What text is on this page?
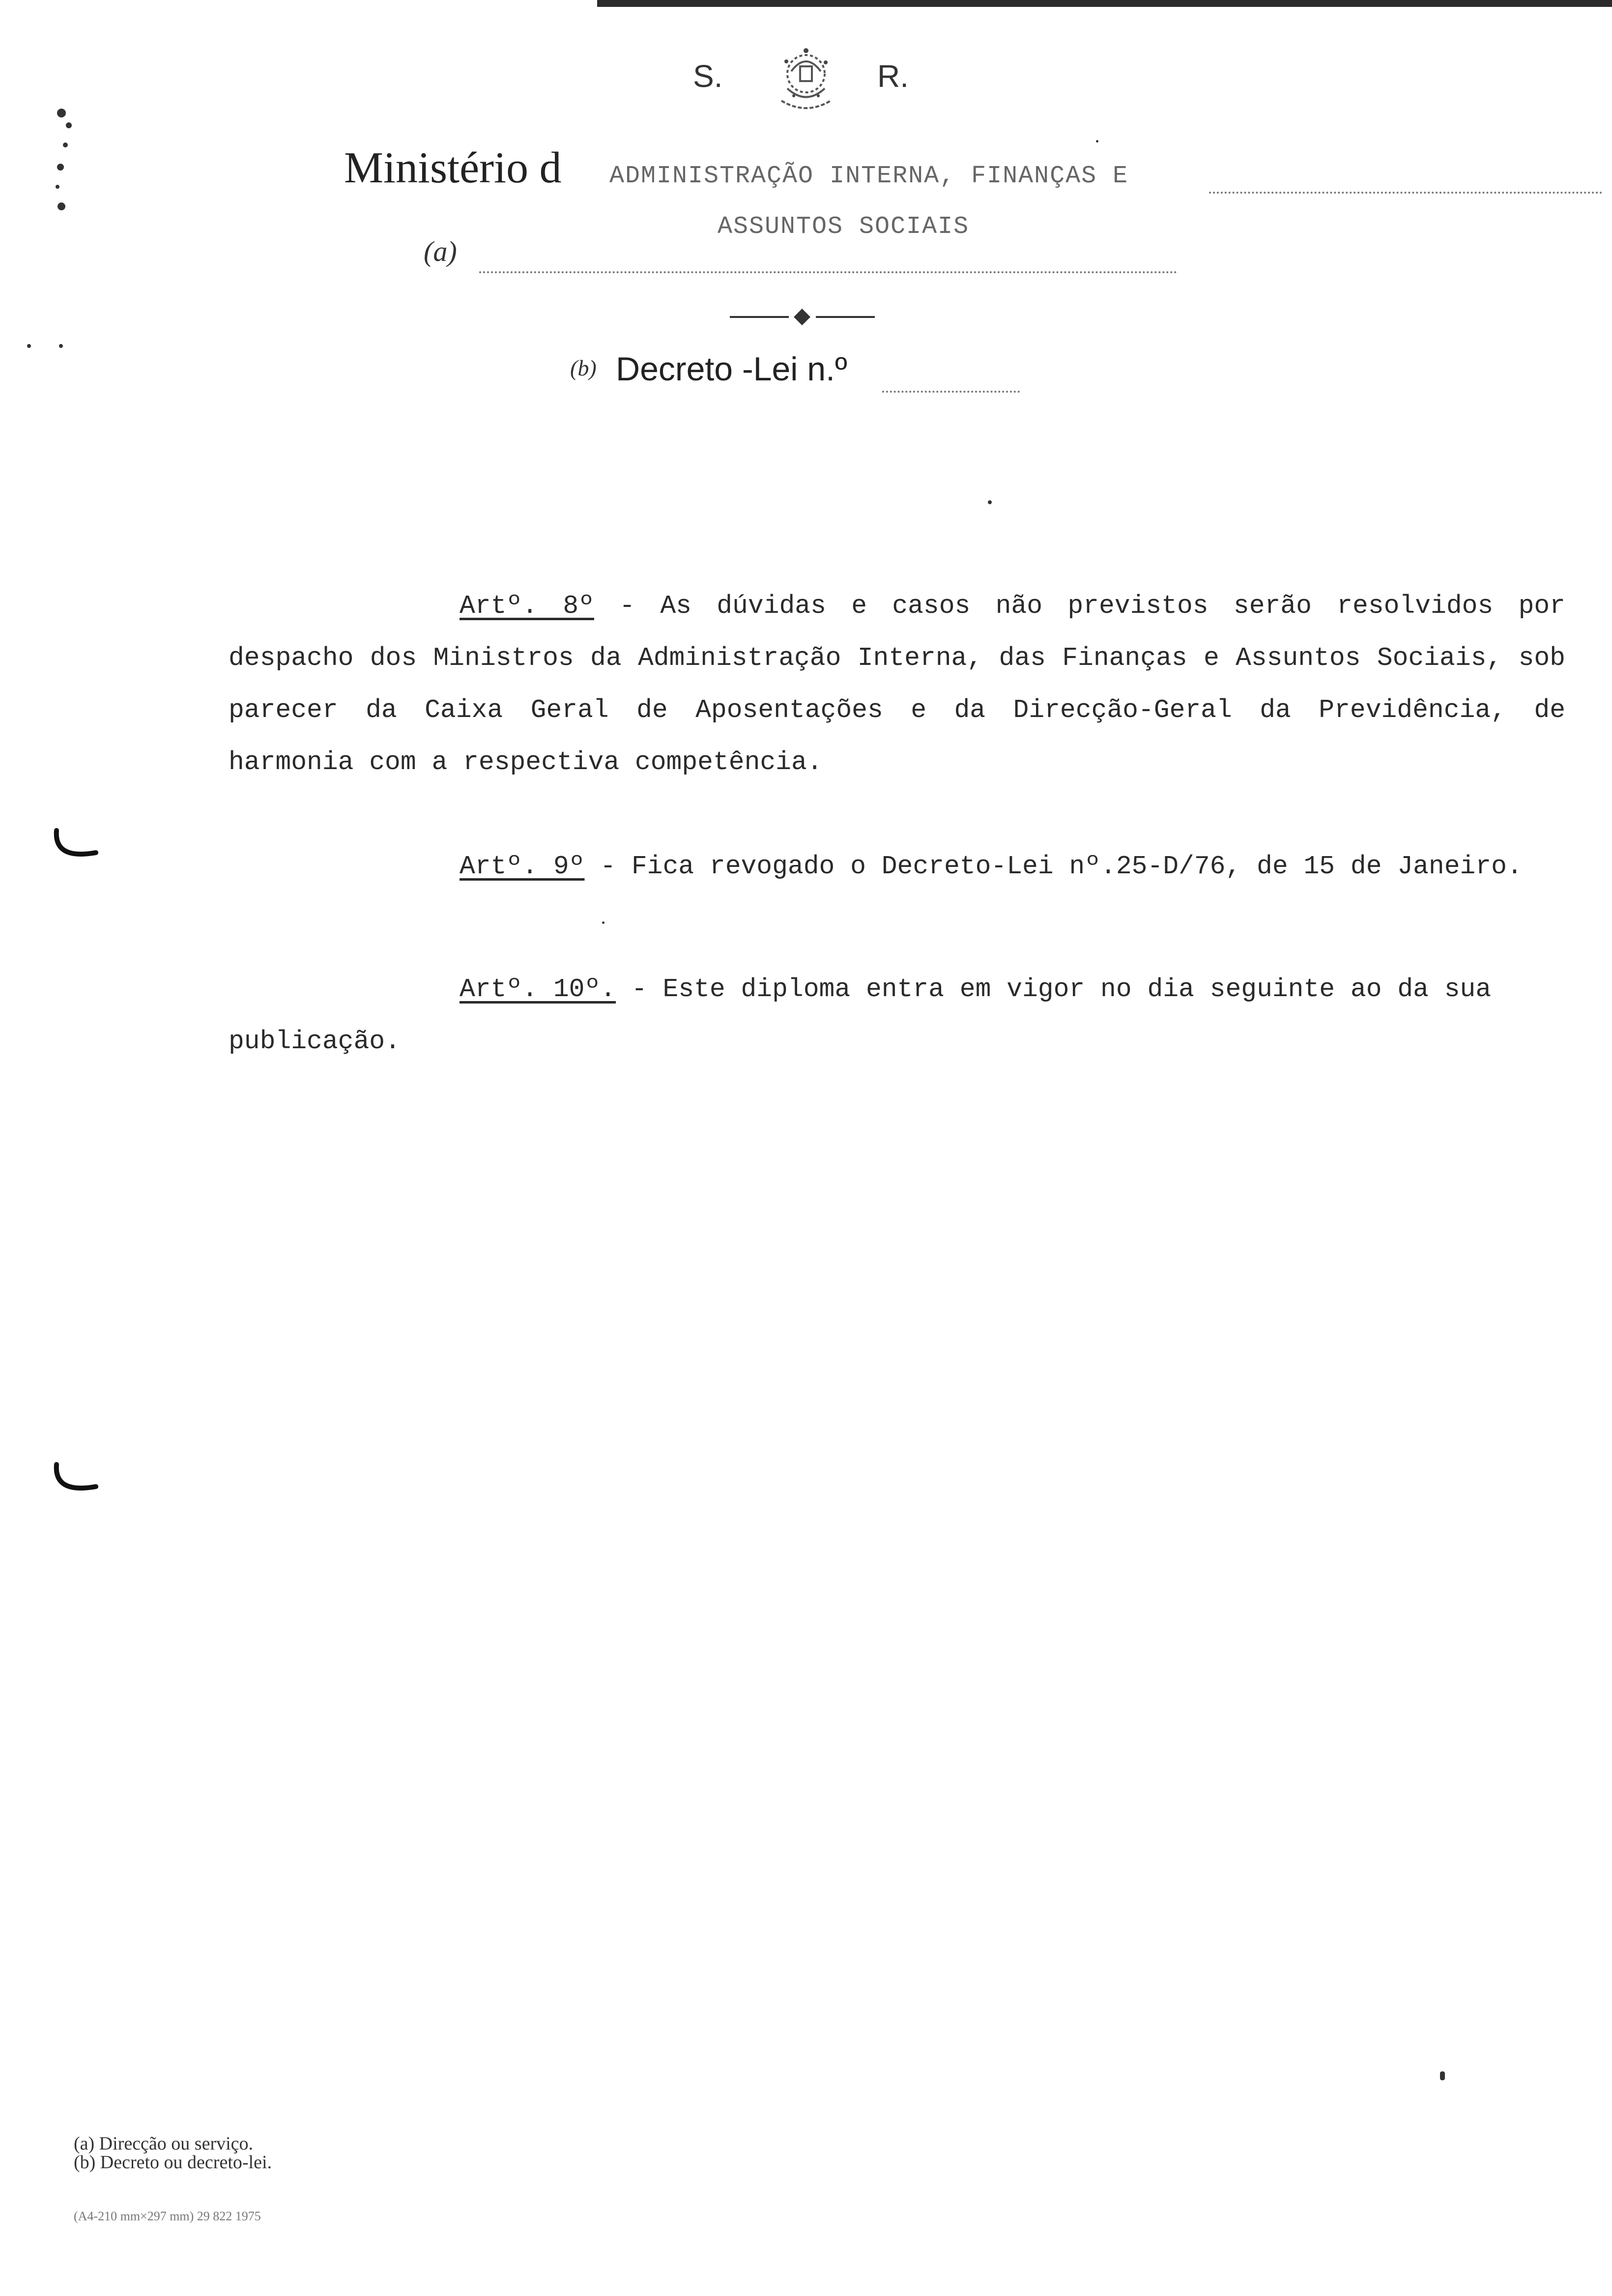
S.	R.
Ministério d ADMINISTRAÇÃO INTERNA, FINANÇAS E
ASSUNTOS SOCIAIS
(a)
(b) Decreto -Lei n.º

Artº. 8º - As dúvidas e casos não previstos serão resolvidos por despacho dos Ministros da Administração Interna, das Finanças e Assuntos Sociais, sob parecer da Caixa Geral de Aposentações e da Direcção-Geral da Previdência, de harmonia com a respectiva competência.

Artº. 9º - Fica revogado o Decreto-Lei nº.25-D/76, de 15 de Janeiro.

Artº. 10º. - Este diploma entra em vigor no dia seguinte ao da sua publicação.

(a) Direcção ou serviço.
(b) Decreto ou decreto-lei.
(A4-210 mm×297 mm) 29 822 1975
